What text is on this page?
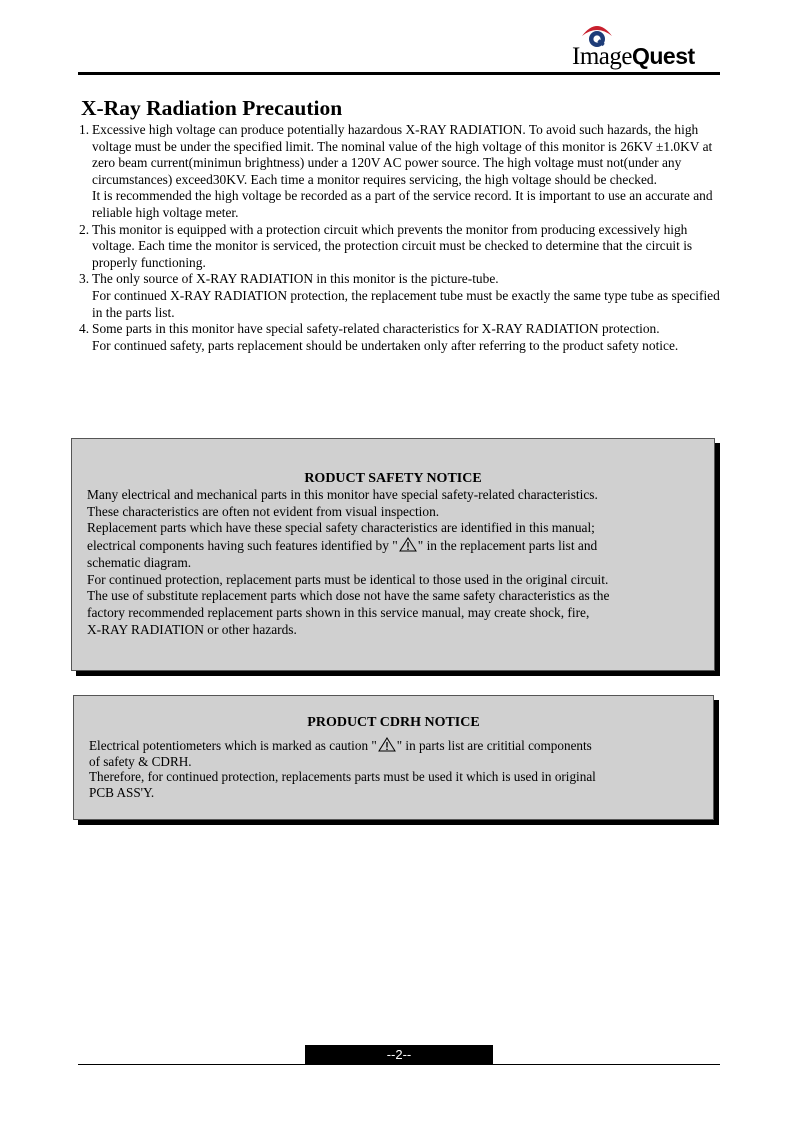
ImageQuest
X-Ray Radiation Precaution
1. Excessive high voltage can produce potentially hazardous X-RAY RADIATION. To avoid such hazards, the high voltage must be under the specified limit. The nominal value of the high voltage of this monitor is 26KV ±1.0KV at zero beam current(minimun brightness) under a 120V AC power source. The high voltage must not(under any circumstances) exceed30KV. Each time a monitor requires servicing, the high voltage should be checked.
It is recommended the high voltage be recorded as a part of the service record. It is important to use an accurate and reliable high voltage meter.
2. This monitor is equipped with a protection circuit which prevents the monitor from producing excessively high voltage. Each time the monitor is serviced, the protection circuit must be checked to determine that the circuit is properly functioning.
3. The only source of X-RAY RADIATION in this monitor is the picture-tube.
For continued X-RAY RADIATION protection, the replacement tube must be exactly the same type tube as specified in the parts list.
4. Some parts in this monitor have special safety-related characteristics for X-RAY RADIATION protection.
For continued safety, parts replacement should be undertaken only after referring to the product safety notice.
RODUCT SAFETY NOTICE
Many electrical and mechanical parts in this monitor have special safety-related characteristics.
These characteristics are often not evident from visual inspection.
Replacement parts which have these special safety characteristics are identified in this manual;
electrical components having such features identified by " " in the replacement parts list and
schematic diagram.
For continued protection, replacement parts must be identical to those used in the original circuit.
The use of substitute replacement parts which dose not have the same safety characteristics as the
factory recommended replacement parts shown in this service manual, may create shock, fire,
X-RAY RADIATION or other hazards.
PRODUCT CDRH NOTICE
Electrical potentiometers which is marked as caution " " in parts list are crititial components
of safety & CDRH.
Therefore, for continued protection, replacements parts must be used it which is used in original
PCB ASS'Y.
--2--
